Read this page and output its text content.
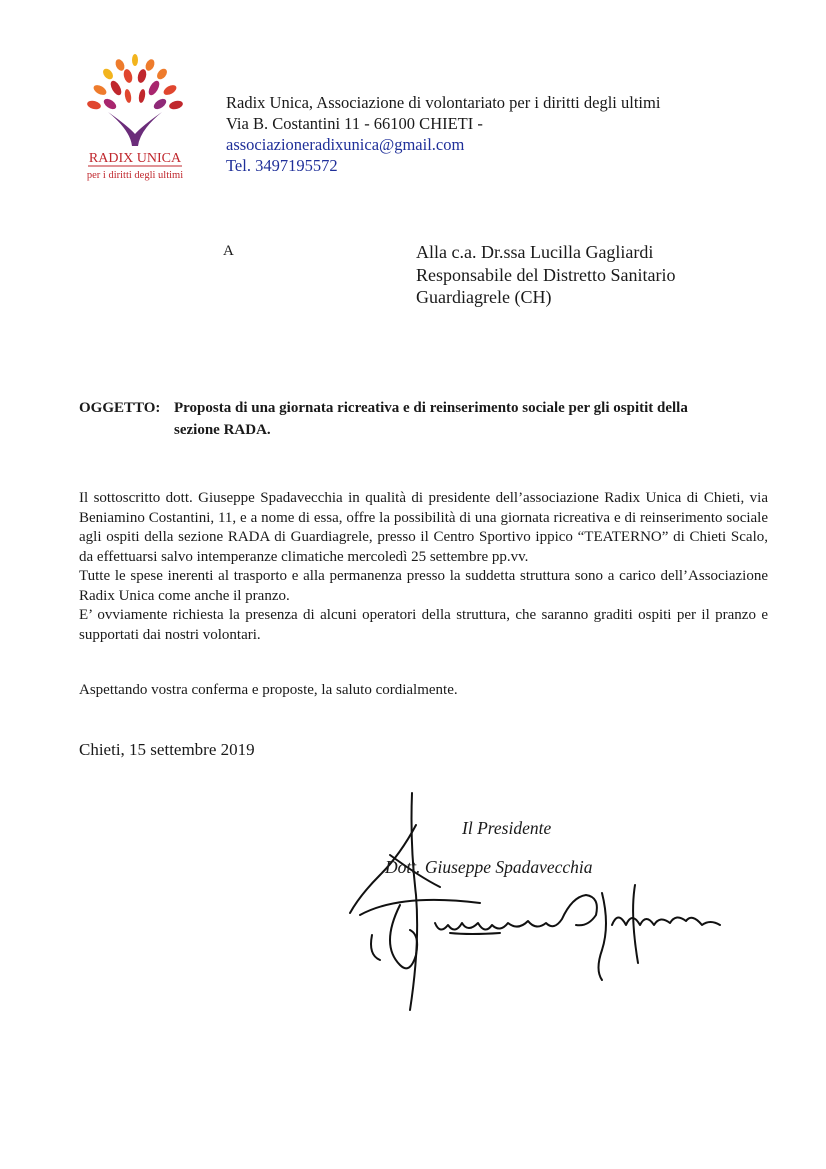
RADIX UNICA
per i diritti degli ultimi
Radix Unica, Associazione di volontariato per i diritti degli ultimi
Via B. Costantini 11 - 66100 CHIETI -
associazioneradixunica@gmail.com
Tel. 3497195572
A	Alla c.a. Dr.ssa Lucilla Gagliardi
Responsabile del Distretto Sanitario
Guardiagrele (CH)
OGGETTO: Proposta di una giornata ricreativa e di reinserimento sociale per gli ospitit della
sezione RADA.

Il sottoscritto dott. Giuseppe Spadavecchia in qualità di presidente dell’associazione Radix Unica di Chieti, via Beniamino Costantini, 11, e a nome di essa, offre la possibilità di una giornata ricreativa e di reinserimento sociale agli ospiti della sezione RADA di Guardiagrele, presso il Centro Sportivo ippico “TEATERNO” di Chieti Scalo, da effettuarsi salvo intemperanze climatiche mercoledì 25 settembre pp.vv.

Tutte le spese inerenti al trasporto e alla permanenza presso la suddetta struttura sono a carico dell’Associazione Radix Unica come anche il pranzo.

E’ ovviamente richiesta la presenza di alcuni operatori della struttura, che saranno graditi ospiti per il pranzo e supportati dai nostri volontari.

Aspettando vostra conferma e proposte, la saluto cordialmente.
Chieti, 15 settembre 2019
Il Presidente
Dott. Giuseppe Spadavecchia
